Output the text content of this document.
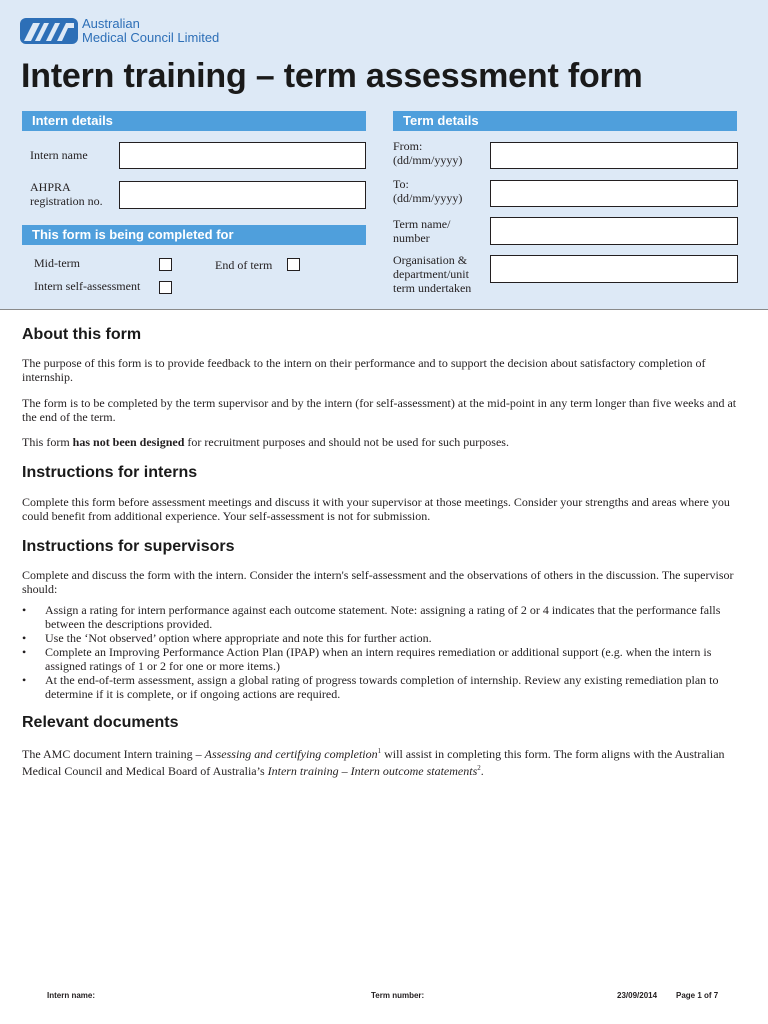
Australian
Medical Council Limited
Intern training – term assessment form
Intern details
Intern name
AHPRA
registration no.
This form is being completed for
Mid-term	End of term
Intern self-assessment
Term details
From:
(dd/mm/yyyy)
To:
(dd/mm/yyyy)
Term name/
number
Organisation &
department/unit
term undertaken
About this form

The purpose of this form is to provide feedback to the intern on their performance and to support the decision about satisfactory completion of internship.

The form is to be completed by the term supervisor and by the intern (for self-assessment) at the mid-point in any term longer than five weeks and at the end of the term.

This form has not been designed for recruitment purposes and should not be used for such purposes.

Instructions for interns

Complete this form before assessment meetings and discuss it with your supervisor at those meetings. Consider your strengths and areas where you could benefit from additional experience. Your self-assessment is not for submission.

Instructions for supervisors

Complete and discuss the form with the intern. Consider the intern's self-assessment and the observations of others in the discussion. The supervisor should:

• Assign a rating for intern performance against each outcome statement. Note: assigning a rating of 2 or 4 indicates that the performance falls between the descriptions provided.
• Use the ‘Not observed’ option where appropriate and note this for further action.
• Complete an Improving Performance Action Plan (IPAP) when an intern requires remediation or additional support (e.g. when the intern is assigned ratings of 1 or 2 for one or more items.)
• At the end-of-term assessment, assign a global rating of progress towards completion of internship. Review any existing remediation plan to determine if it is complete, or if ongoing actions are required.
Relevant documents

The AMC document Intern training – Assessing and certifying completion$^1$ will assist in completing this form. The form aligns with the Australian Medical Council and Medical Board of Australia’s Intern training – Intern outcome statements$^2$.

Intern name:	Term number:	23/09/2014 Page 1 of 7
